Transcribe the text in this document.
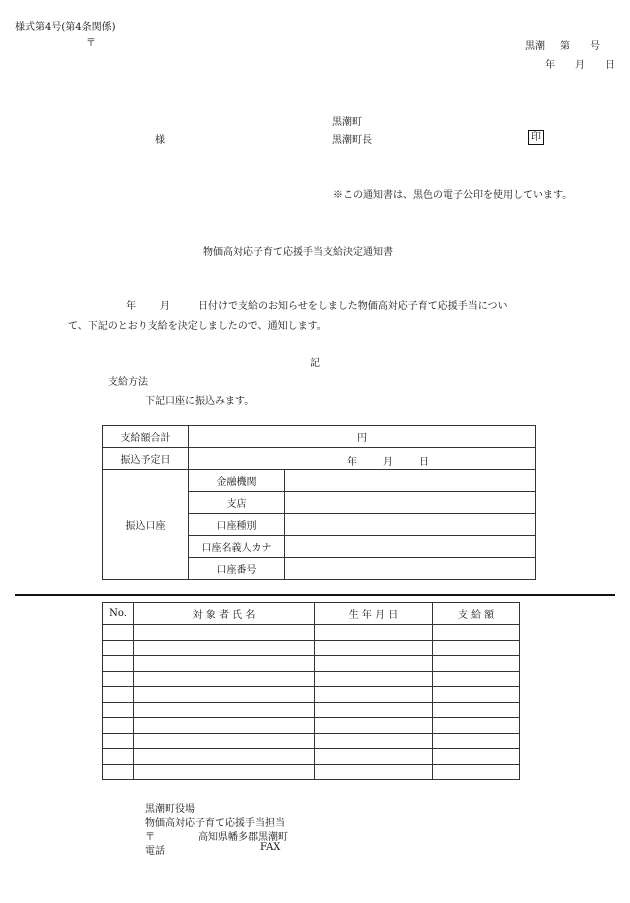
様式第4号(第4条関係)
〒	黒潮 第 号
年 月 日
黒潮町
様	黒潮町長	印
※この通知書は、黒色の電子公印を使用しています。
物価高対応子育て応援手当支給決定通知書
年 月	日付けで支給のお知らせをしました物価高対応子育て応援手当につい
て、下記のとおり支給を決定しましたので、通知します。
記
支給方法
下記口座に振込みます。
支給額合計	円	
振込予定日	年 月 日	

振込口座	金融機関	
	支店	
	口座種別	
	口座名義人カナ	
	口座番号	
No.	対 象 者 氏 名	生 年 月 日	支 給 額

黒潮町役場
物価高対応子育て応援手当担当
〒	高知県幡多郡黒潮町
電話	FAX
